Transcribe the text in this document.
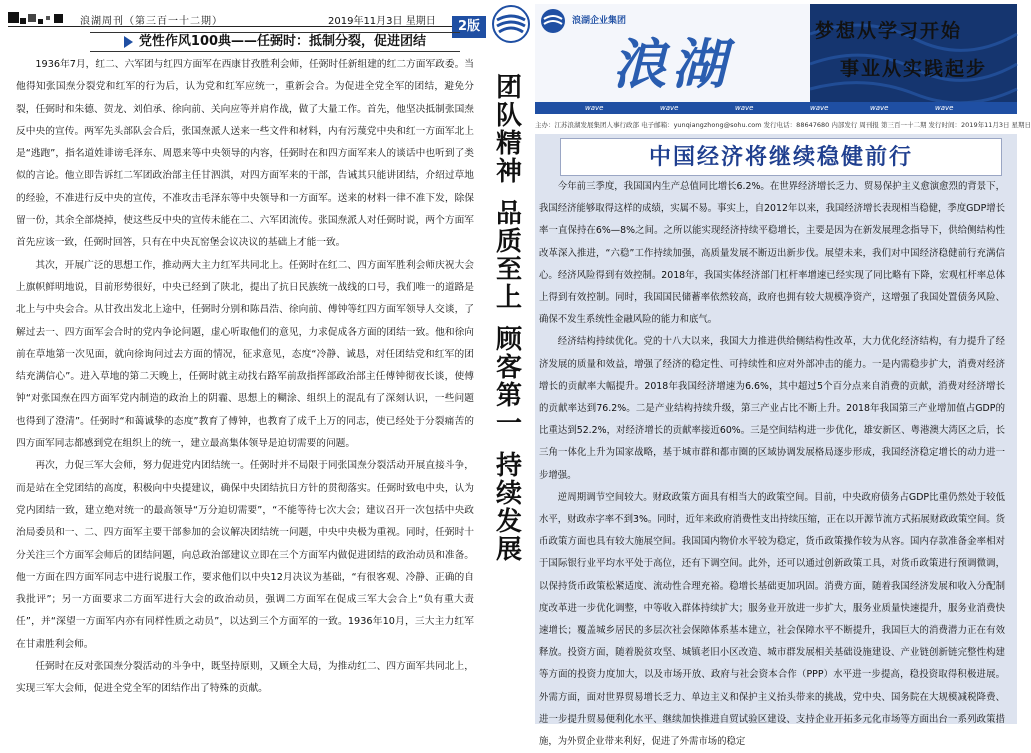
浪湖周刊（第三百一十二期）	2019年11月3日 星期日	2版
党性作风100典——任弼时：抵制分裂，促进团结

1936年7月，红二、六军团与红四方面军在西康甘孜胜利会师，任弼时任新组建的红二方面军政委。当他得知张国焘分裂党和红军的行为后，认为党和红军应统一，重新会合。为促进全党全军的团结，避免分裂，任弼时和朱德、贺龙、刘伯承、徐向前、关向应等并肩作战，做了大量工作。首先，他坚决抵制张国焘反中央的宣传。两军先头部队会合后，张国焘派人送来一些文件和材料，内有污蔑党中央和红一方面军北上是“逃跑”，指名道姓诽谤毛泽东、周恩来等中央领导的内容，任弼时在和四方面军来人的谈话中也听到了类似的言论。他立即告诉红二军团政治部主任甘泗淇，对四方面军来的干部，告诫其只能讲团结，介绍过草地的经验，不准进行反中央的宣传，不准攻击毛泽东等中央领导和一方面军。送来的材料一律不准下发，除保留一份，其余全部烧掉，使这些反中央的宣传未能在二、六军团流传。张国焘派人对任弼时说，两个方面军首先应该一致，任弼时回答，只有在中央瓦窑堡会议决议的基础上才能一致。

其次，开展广泛的思想工作，推动两大主力红军共同北上。任弼时在红二、四方面军胜利会师庆祝大会上旗帜鲜明地说，目前形势很好，中央已经到了陕北，提出了抗日民族统一战线的口号，我们唯一的道路是北上与中央会合。从甘孜出发北上途中，任弼时分别和陈昌浩、徐向前、傅钟等红四方面军领导人交谈，了解过去一、四方面军会合时的党内争论问题，虚心听取他们的意见，力求促成各方面的团结一致。他和徐向前在草地第一次见面，就向徐询问过去方面的情况，征求意见，态度“冷静、诚恳，对任团结党和红军的团结充满信心”。进入草地的第二天晚上，任弼时就主动找右路军前敌指挥部政治部主任傅钟彻夜长谈，使傅钟“对张国焘在四方面军党内制造的政治上的阴霾、思想上的糊涂、组织上的混乱有了深刻认识，一些问题也得到了澄清”。任弼时“和蔼诚挚的态度”教育了傅钟，也教育了成千上万的同志，使已经处于分裂痛苦的四方面军同志都感到党在组织上的统一，建立最高集体领导是迫切需要的问题。

再次，力促三军大会师，努力促进党内团结统一。任弼时并不局限于同张国焘分裂活动开展直接斗争，而是站在全党团结的高度，积极向中央提建议，确保中央团结抗日方针的贯彻落实。任弼时致电中央，认为党内团结一致，建立绝对统一的最高领导“万分迫切需要”，“不能等待七次大会；建议召开一次包括中央政治局委员和一、二、四方面军主要干部参加的会议解决团结统一问题，中央中央极为重视。同时，任弼时十分关注三个方面军会师后的团结问题，向总政治部建议立即在三个方面军内做促进团结的政治动员和准备。他一方面在四方面军同志中进行说服工作，要求他们以中央12月决议为基础，“有很客观、冷静、正确的自我批评”；另一方面要求二方面军进行大会的政治动员，强调二方面军在促成三军大会合上“负有重大责任”，并“深望一方面军内亦有同样性质之动员”，以达到三个方面军的一致。1936年10月，三大主力红军在甘肃胜利会师。

任弼时在反对张国焘分裂活动的斗争中，既坚持原则，又顾全大局，为推动红二、四方面军共同北上，实现三军大会师，促进全党全军的团结作出了特殊的贡献。

团
队
精
神
品
质
至
上
顾
客
第
一
持
续
发
展
浪湖企业集团
浪湖
梦想从学习开始
事业从实践起步
wave	wave	wave	wave	wave	wave
主办：江苏浪湖发展集团人事行政部 电子邮箱：yunqiangzhong@sohu.com 发行电话：88647680 内部发行 周刊报 第三百一十二期 发行时间：2019年11月3日 星期日
中国经济将继续稳健前行

今年前三季度，我国国内生产总值同比增长6.2%。在世界经济增长乏力、贸易保护主义愈演愈烈的背景下，我国经济能够取得这样的成绩，实属不易。事实上，自2012年以来，我国经济增长表现相当稳健，季度GDP增长率一直保持在6%—8%之间。之所以能实现经济持续平稳增长，主要是因为在新发展理念指导下，供给侧结构性改革深入推进，“六稳”工作持续加强，高质量发展不断迈出新步伐。展望未来，我们对中国经济稳健前行充满信心。经济风险得到有效控制。2018年，我国实体经济部门杠杆率增速已经实现了同比略有下降，宏观杠杆率总体上得到有效控制。同时，我国国民储蓄率依然较高，政府也拥有较大规模净资产，这增强了我国处置债务风险、确保不发生系统性金融风险的能力和底气。

经济结构持续优化。党的十八大以来，我国大力推进供给侧结构性改革，大力优化经济结构，有力提升了经济发展的质量和效益，增强了经济的稳定性、可持续性和应对外部冲击的能力。一是内需稳步扩大，消费对经济增长的贡献率大幅提升。2018年我国经济增速为6.6%，其中超过5个百分点来自消费的贡献，消费对经济增长的贡献率达到76.2%。二是产业结构持续升级，第三产业占比不断上升。2018年我国第三产业增加值占GDP的比重达到52.2%，对经济增长的贡献率接近60%。三是空间结构进一步优化，雄安新区、粤港澳大湾区之后，长三角一体化上升为国家战略，基于城市群和都市圈的区域协调发展格局逐步形成，我国经济稳定增长的动力进一步增强。

逆周期调节空间较大。财政政策方面具有相当大的政策空间。目前，中央政府债务占GDP比重仍然处于较低水平，财政赤字率不到3%。同时，近年来政府消费性支出持续压缩，正在以开源节流方式拓展财政政策空间。货币政策方面也具有较大施展空间。我国国内物价水平较为稳定，货币政策操作较为从容。国内存款准备金率相对于国际银行业平均水平处于高位，还有下调空间。此外，还可以通过创新政策工具，对货币政策进行预调微调，以保持货币政策松紧适度、流动性合理充裕。稳增长基础更加巩固。消费方面，随着我国经济发展和收入分配制度改革进一步优化调整，中等收入群体持续扩大；服务业开放进一步扩大，服务业质量快速提升，服务业消费快速增长；覆盖城乡居民的多层次社会保障体系基本建立，社会保障水平不断提升，我国巨大的消费潜力正在有效释放。投资方面，随着脱贫攻坚、城镇老旧小区改造、城市群发展相关基础设施建设、产业链创新链完整性构建等方面的投资力度加大，以及市场开放、政府与社会资本合作（PPP）水平进一步提高，稳投资取得积极进展。外需方面，面对世界贸易增长乏力、单边主义和保护主义抬头带来的挑战，党中央、国务院在大规模减税降费、进一步提升贸易便利化水平、继续加快推进自贸试验区建设、支持企业开拓多元化市场等方面出台一系列政策措施，为外贸企业带来利好，促进了外需市场的稳定
